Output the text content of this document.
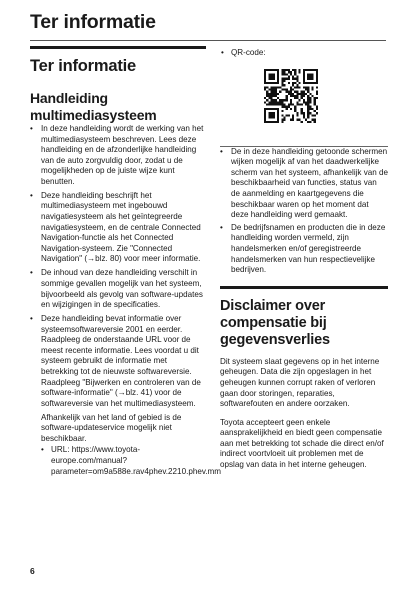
Ter informatie
Ter informatie
Handleiding multimediasysteem
• In deze handleiding wordt de werking van het multimediasysteem beschreven. Lees deze handleiding en de afzonderlijke handleiding van de auto zorgvuldig door, zodat u de mogelijkheden op de juiste wijze kunt benutten.
• Deze handleiding beschrijft het multimediasysteem met ingebouwd navigatiesysteem als het geïntegreerde navigatiesysteem, en de centrale Connected Navigation-functie als het Connected Navigation-systeem. Zie "Connected Navigation" (→blz. 80) voor meer informatie.
• De inhoud van deze handleiding verschilt in sommige gevallen mogelijk van het systeem, bijvoorbeeld als gevolg van software-updates en wijzigingen in de specificaties.
• Deze handleiding bevat informatie over systeemsoftwareversie 2001 en eerder. Raadpleeg de onderstaande URL voor de meest recente informatie. Lees voordat u dit systeem gebruikt de informatie met betrekking tot de nieuwste softwareversie. Raadpleeg "Bijwerken en controleren van de software-informatie" (→blz. 41) voor de softwareversie van het multimediasysteem.

Afhankelijk van het land of gebied is de software-updateservice mogelijk niet beschikbaar.

• URL: https://www.toyota-europe.com/manual?parameter=om9a588e.rav4phev.2210.phev.mm
• QR-code:
• De in deze handleiding getoonde schermen wijken mogelijk af van het daadwerkelijke scherm van het systeem, afhankelijk van de beschikbaarheid van functies, status van de aanmelding en kaartgegevens die beschikbaar waren op het moment dat deze handleiding werd gemaakt.
• De bedrijfsnamen en producten die in deze handleiding worden vermeld, zijn handelsmerken en/of geregistreerde handelsmerken van hun respectievelijke bedrijven.
Disclaimer over compensatie bij gegevensverlies

Dit systeem slaat gegevens op in het interne geheugen. Data die zijn opgeslagen in het geheugen kunnen corrupt raken of verloren gaan door storingen, reparaties, softwarefouten en andere oorzaken.

Toyota accepteert geen enkele aansprakelijkheid en biedt geen compensatie aan met betrekking tot schade die direct en/of indirect voortvloeit uit problemen met de opslag van data in het interne geheugen.

6
